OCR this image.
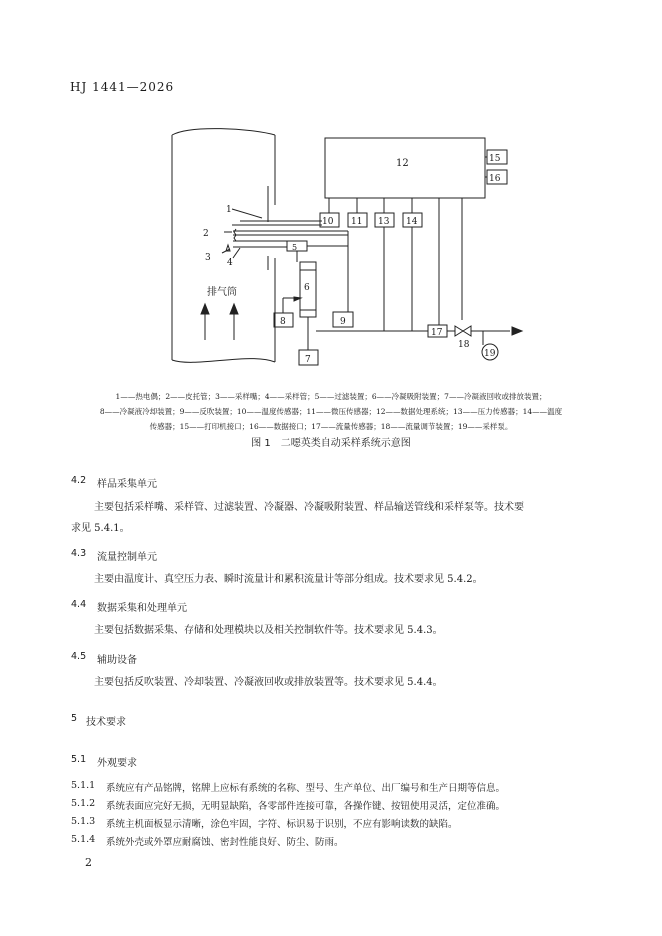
HJ 1441—2026
12	15
16
10 11 13 14
5
6
8	9
7
17
18
19
1
2
3 4
排气筒
1——热电偶；2——皮托管；3——采样嘴；4——采样管；5——过滤装置；6——冷凝吸附装置；7——冷凝液回收或排放装置；
8——冷凝液冷却装置；9——反吹装置；10——温度传感器；11——微压传感器；12——数据处理系统；13——压力传感器；14——温度
传感器；15——打印机接口；16——数据接口；17——流量传感器；18——流量调节装置；19——采样泵。
图 1　二噁英类自动采样系统示意图
4.2 样品采集单元
主要包括采样嘴、采样管、过滤装置、冷凝器、冷凝吸附装置、样品输送管线和采样泵等。技术要
求见 5.4.1。
4.3 流量控制单元
主要由温度计、真空压力表、瞬时流量计和累积流量计等部分组成。技术要求见 5.4.2。
4.4 数据采集和处理单元
主要包括数据采集、存储和处理模块以及相关控制软件等。技术要求见 5.4.3。
4.5 辅助设备
主要包括反吹装置、冷却装置、冷凝液回收或排放装置等。技术要求见 5.4.4。
5 技术要求
5.1 外观要求
5.1.1 系统应有产品铭牌，铭牌上应标有系统的名称、型号、生产单位、出厂编号和生产日期等信息。
5.1.2 系统表面应完好无损，无明显缺陷，各零部件连接可靠，各操作键、按钮使用灵活，定位准确。
5.1.3 系统主机面板显示清晰，涂色牢固，字符、标识易于识别，不应有影响读数的缺陷。
5.1.4 系统外壳或外罩应耐腐蚀、密封性能良好、防尘、防雨。
2
